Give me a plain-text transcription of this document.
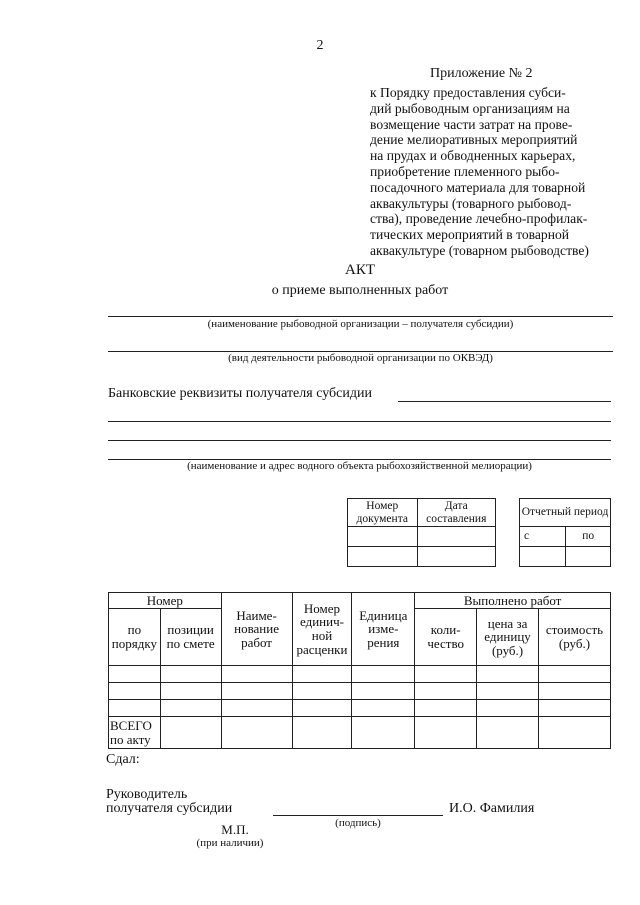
2
Приложение № 2
к Порядку предоставления субси-
дий рыбоводным организациям на
возмещение части затрат на прове-
дение мелиоративных мероприятий
на прудах и обводненных карьерах,
приобретение племенного рыбо-
посадочного материала для товарной
аквакультуры (товарного рыбовод-
ства), проведение лечебно-профилак-
тических мероприятий в товарной
аквакультуре (товарном рыбоводстве)
АКТ
о приеме выполненных работ
(наименование рыбоводной организации – получателя субсидии)
(вид деятельности рыбоводной организации по ОКВЭД)
Банковские реквизиты получателя субсидии
(наименование и адрес водного объекта рыбохозяйственной мелиорации)
Номер документа	Дата составления

Отчетный период	
с	по

Номер		Наиме-нование работ	Номер единич-ной расценки	Единица изме-рения	Выполнено работ		
по порядку	позиции по смете				коли-чество	цена за единицу (руб.)	стоимость (руб.)

ВСЕГО по акту							
Сдал:
Руководитель
получателя субсидии
(подпись)
И.О. Фамилия
М.П.
(при наличии)
